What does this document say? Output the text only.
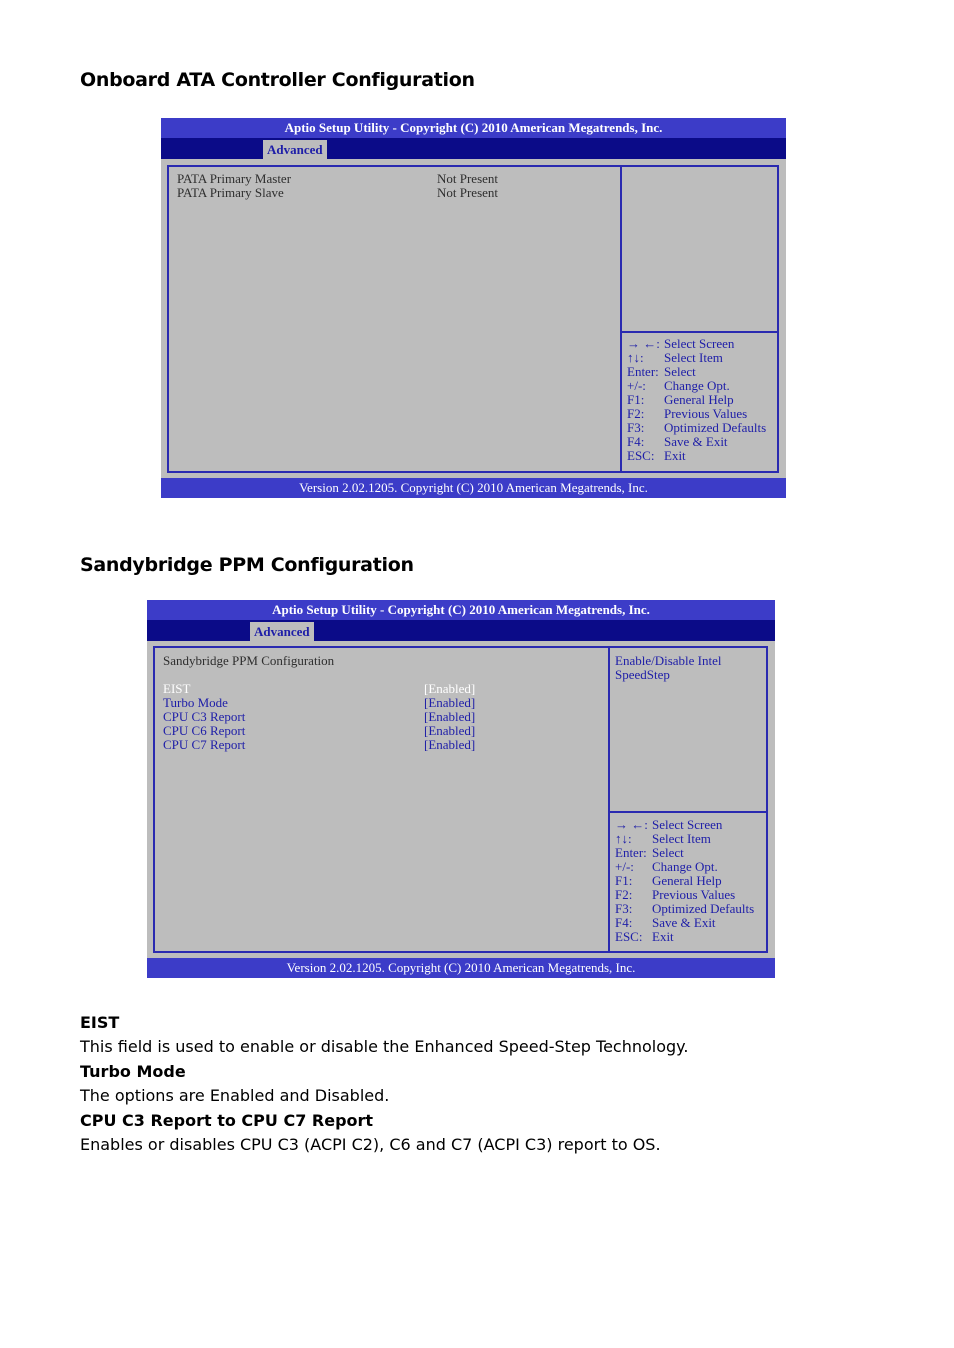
Onboard ATA Controller Configuration
Aptio Setup Utility - Copyright (C) 2010 American Megatrends, Inc.
Advanced
PATA Primary Master	Not Present
PATA Primary Slave	Not Present
→ ←: Select Screen
↑↓: Select Item
Enter: Select
+/-: Change Opt.
F1: General Help
F2: Previous Values
F3: Optimized Defaults
F4: Save & Exit
ESC: Exit
Version 2.02.1205. Copyright (C) 2010 American Megatrends, Inc.
Sandybridge PPM Configuration
Aptio Setup Utility - Copyright (C) 2010 American Megatrends, Inc.
Advanced
Sandybridge PPM Configuration
EIST	[Enabled]
Turbo Mode	[Enabled]
CPU C3 Report	[Enabled]
CPU C6 Report	[Enabled]
CPU C7 Report	[Enabled]
Enable/Disable Intel
SpeedStep
→ ←: Select Screen
↑↓: Select Item
Enter: Select
+/-: Change Opt.
F1: General Help
F2: Previous Values
F3: Optimized Defaults
F4: Save & Exit
ESC: Exit
Version 2.02.1205. Copyright (C) 2010 American Megatrends, Inc.
EIST

This field is used to enable or disable the Enhanced Speed-Step Technology.

Turbo Mode

The options are Enabled and Disabled.

CPU C3 Report to CPU C7 Report

Enables or disables CPU C3 (ACPI C2), C6 and C7 (ACPI C3) report to OS.
